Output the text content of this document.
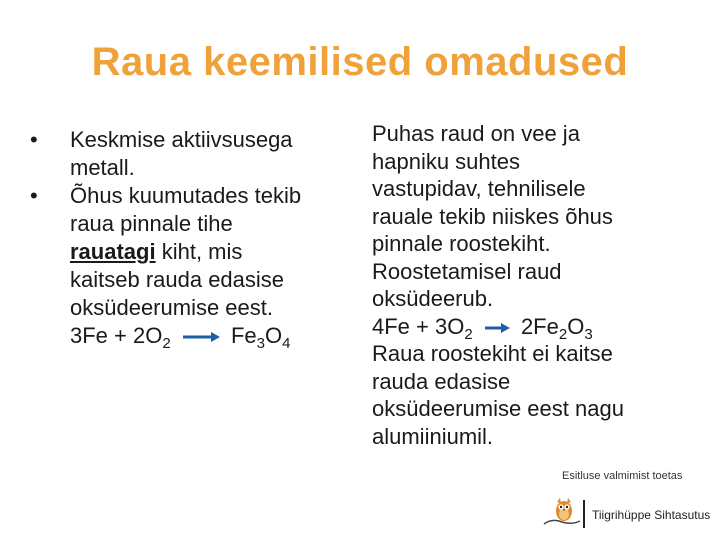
Raua keemilised omadused
•	Keskmise aktiivsusega
metall.
•	Õhus kuumutades tekib
raua pinnale tihe
rauatagi kiht, mis
kaitseb rauda edasise
oksüdeerumise eest.
$3Fe + 2O_2 \to Fe_3O_4$
Puhas raud on vee ja
hapniku suhtes
vastupidav, tehnilisele
rauale tekib niiskes õhus
pinnale roostekiht.
Roostetamisel raud
oksüdeerub.
$4Fe + 3O_2 \to 2Fe_2O_3$
Raua roostekiht ei kaitse
rauda edasise
oksüdeerumise eest nagu
alumiiniumil.
Esitluse valmimist toetas
Tiigrihüppe Sihtasutus
